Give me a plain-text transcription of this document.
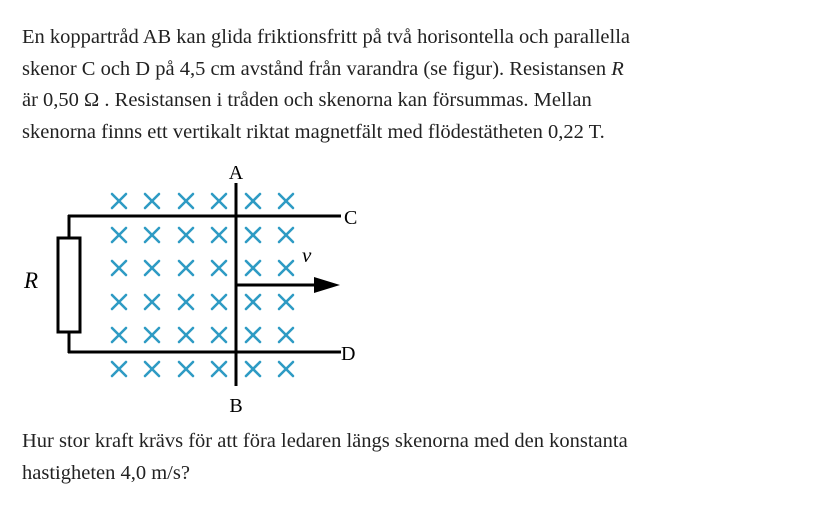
En koppartråd AB kan glida friktionsfritt på två horisontella och parallella
skenor C och D på 4,5 cm avstånd från varandra (se figur). Resistansen R
är 0,50 Ω . Resistansen i tråden och skenorna kan försummas. Mellan
skenorna finns ett vertikalt riktat magnetfält med flödestätheten 0,22 T.

A
B
C
D
R
v

Hur stor kraft krävs för att föra ledaren längs skenorna med den konstanta
hastigheten 4,0 m/s?
